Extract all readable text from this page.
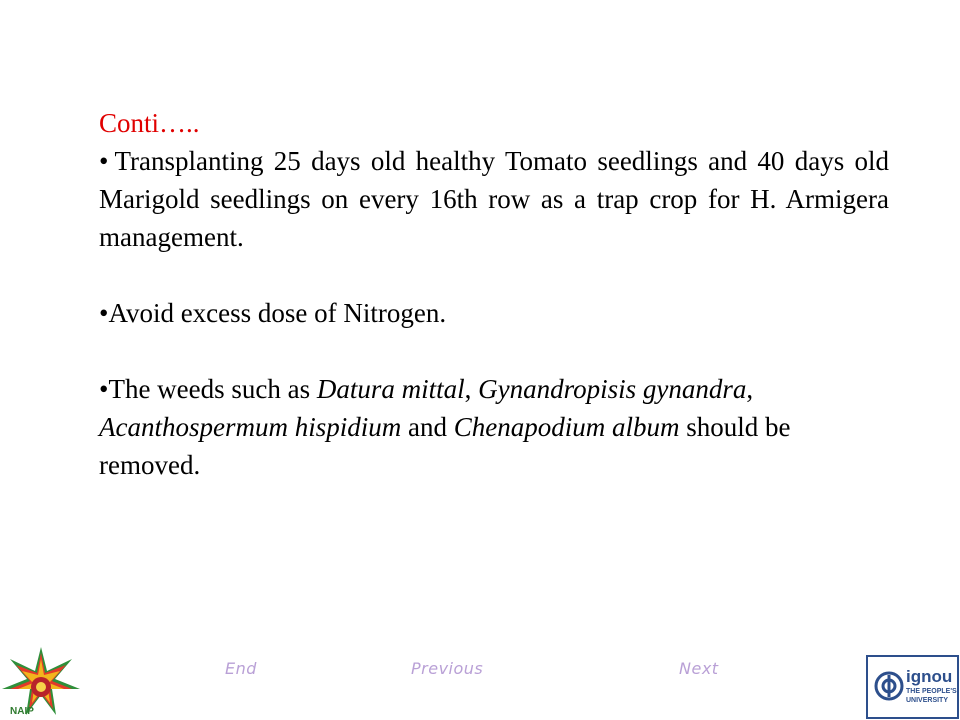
Conti…..

• Transplanting 25 days old healthy Tomato seedlings and 40 days old Marigold seedlings on every 16th row as a trap crop for H. Armigera management.

•Avoid excess dose of Nitrogen.

•The weeds such as Datura mittal, Gynandropisis gynandra, Acanthospermum hispidium and Chenapodium album should be removed.

NAIP
End	Previous	Next	ignou
THE PEOPLE'S UNIVERSITY
